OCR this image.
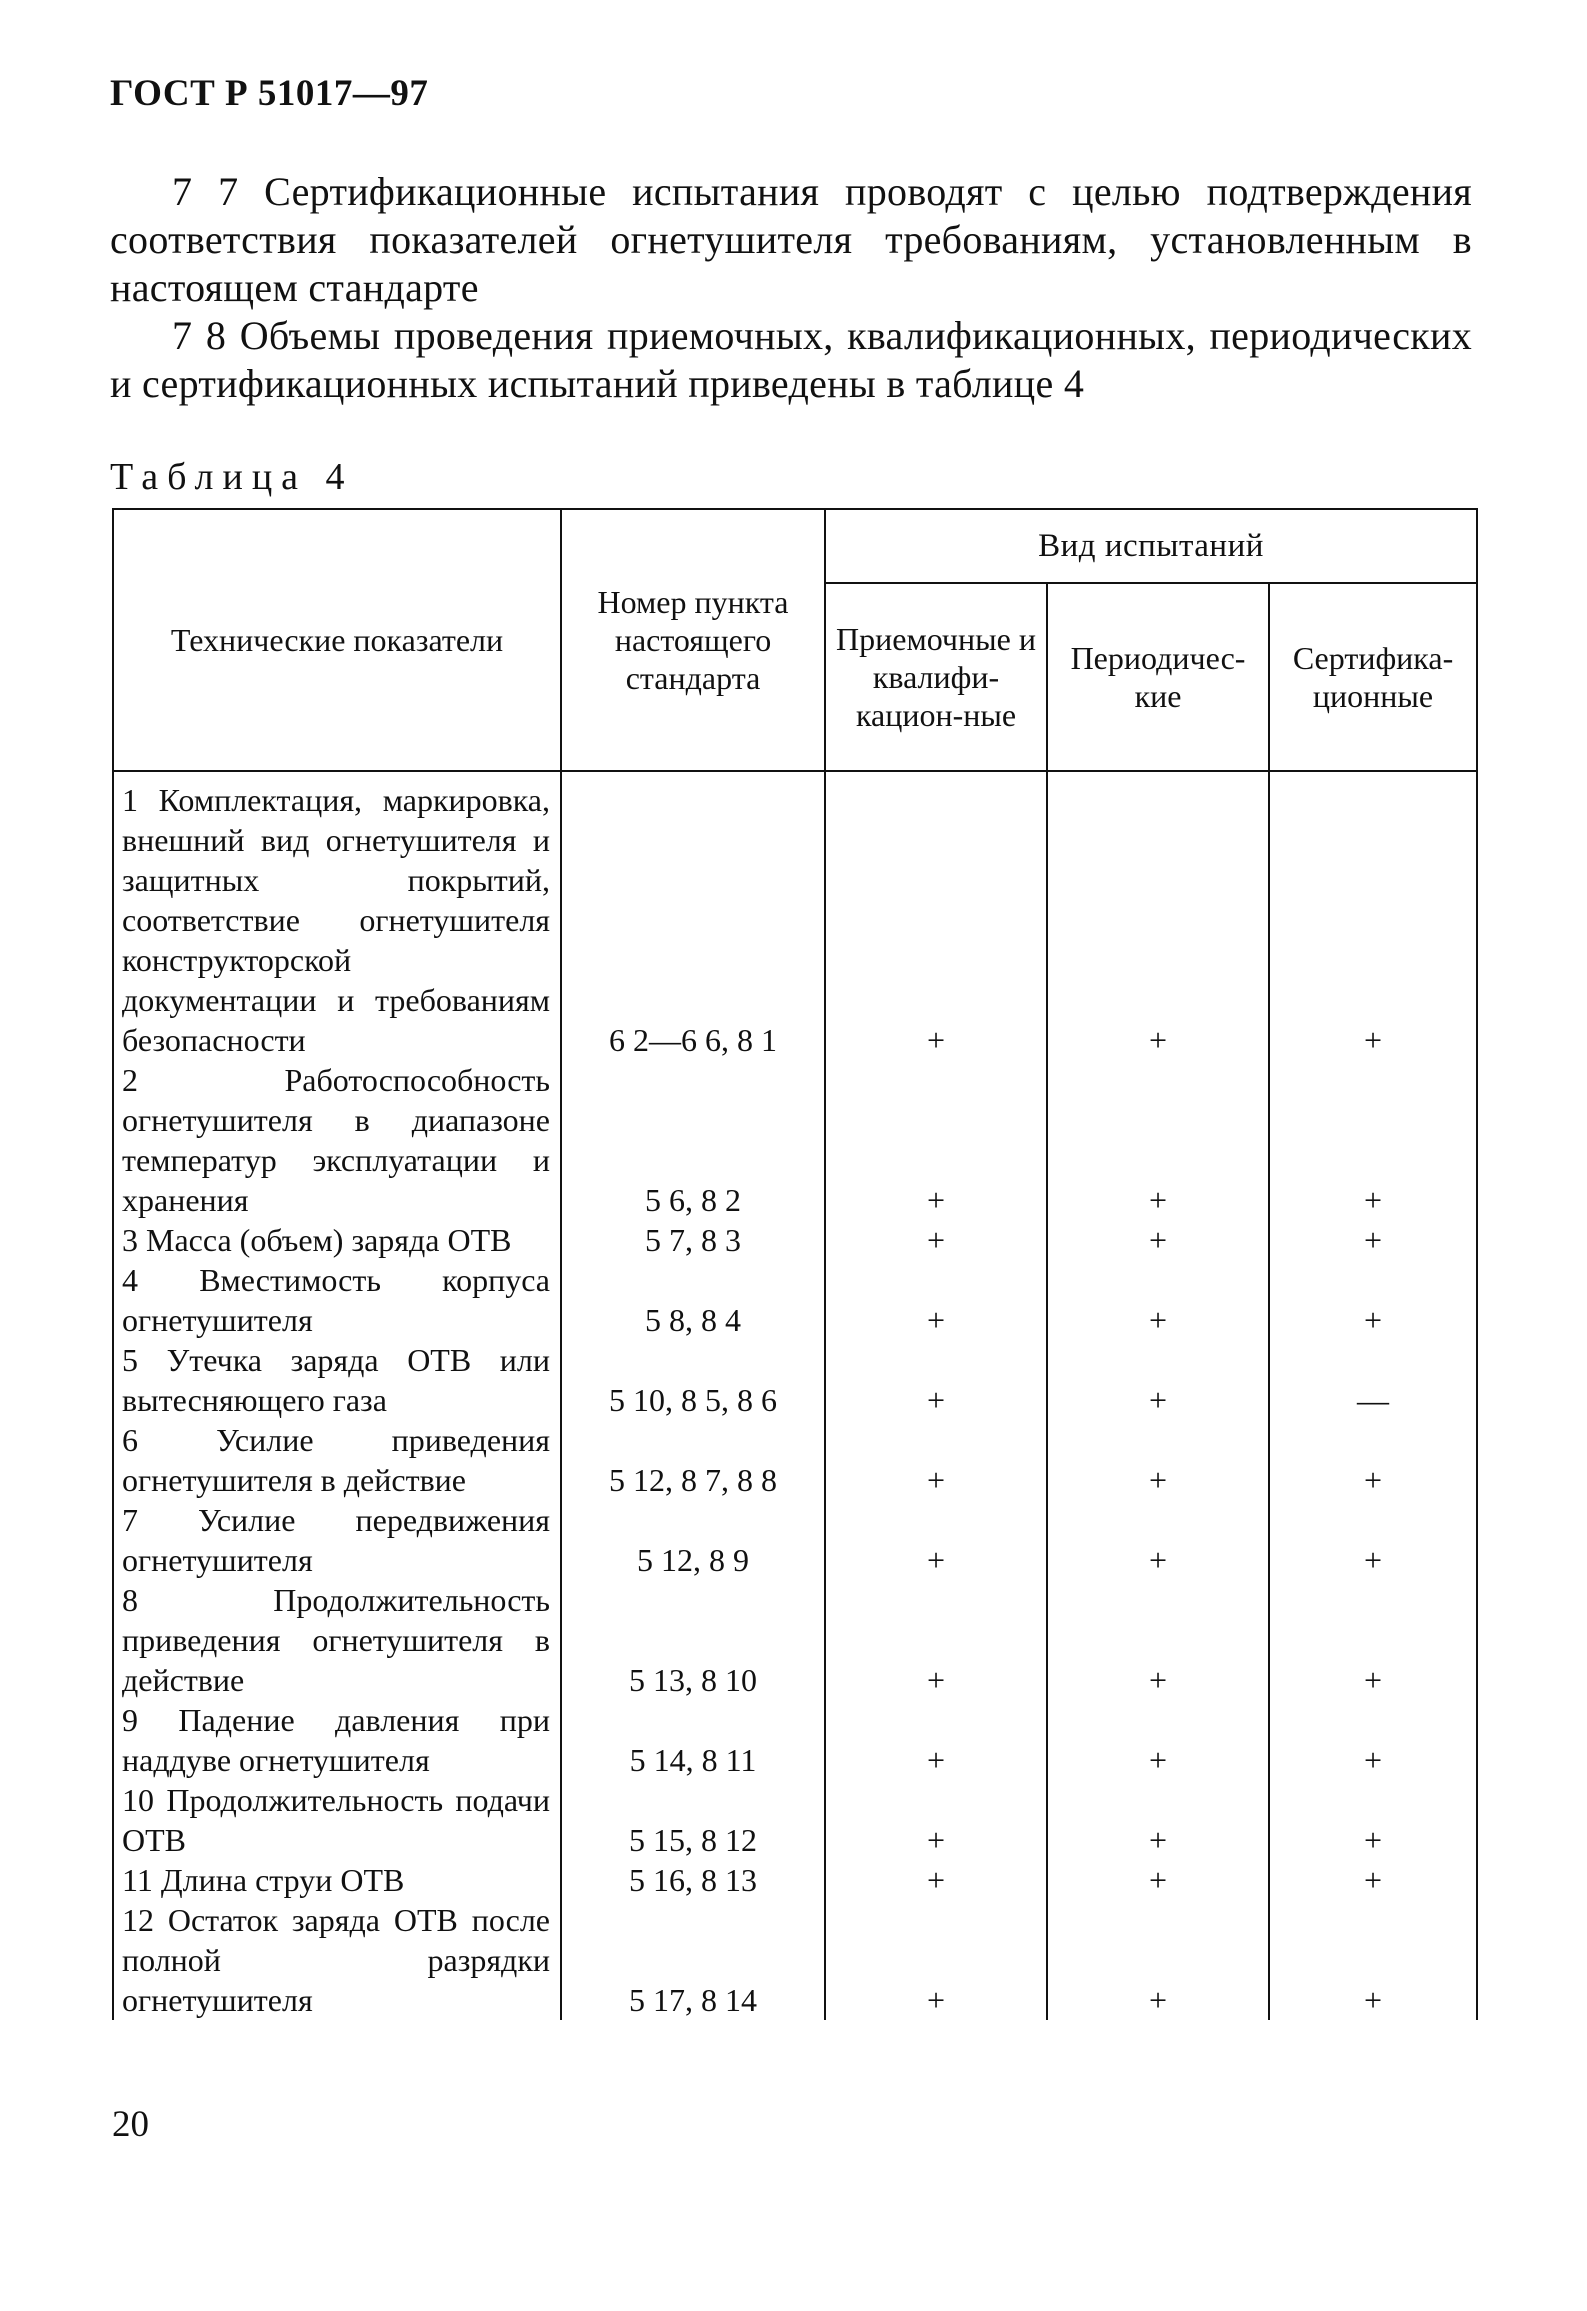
ГОСТ Р 51017—97
7 7 Сертификационные испытания проводят с целью подтверждения соответствия показателей огнетушителя требованиям, установленным в настоящем стандарте
7 8 Объемы проведения приемочных, квалификационных, периодических и сертификационных испытаний приведены в таблице 4
Таблица 4
Технические показатели	Номер пункта настоящего стандарта	Вид испытаний		
		Приемочные и квалифи-кацион-ные	Периодичес-кие	Сертифика-ционные
1 Комплектация, маркировка, внешний вид огнетушителя и защитных покрытий, соответствие огнетушителя конструкторской документации и требованиям безопасности	6 2—6 6, 8 1	+	+	+
2 Работоспособность огнетушителя в диапазоне температур эксплуатации и хранения	5 6, 8 2	+	+	+
3 Масса (объем) заряда ОТВ	5 7, 8 3	+	+	+
4 Вместимость корпуса огнетушителя	5 8, 8 4	+	+	+
5 Утечка заряда ОТВ или вытесняющего газа	5 10, 8 5, 8 6	+	+	—
6 Усилие приведения огнетушителя в действие	5 12, 8 7, 8 8	+	+	+
7 Усилие передвижения огнетушителя	5 12, 8 9	+	+	+
8 Продолжительность приведения огнетушителя в действие	5 13, 8 10	+	+	+
9 Падение давления при наддуве огнетушителя	5 14, 8 11	+	+	+
10 Продолжительность подачи ОТВ	5 15, 8 12	+	+	+
11 Длина струи ОТВ	5 16, 8 13	+	+	+
12 Остаток заряда ОТВ после полной разрядки огнетушителя	5 17, 8 14	+	+	+
20
